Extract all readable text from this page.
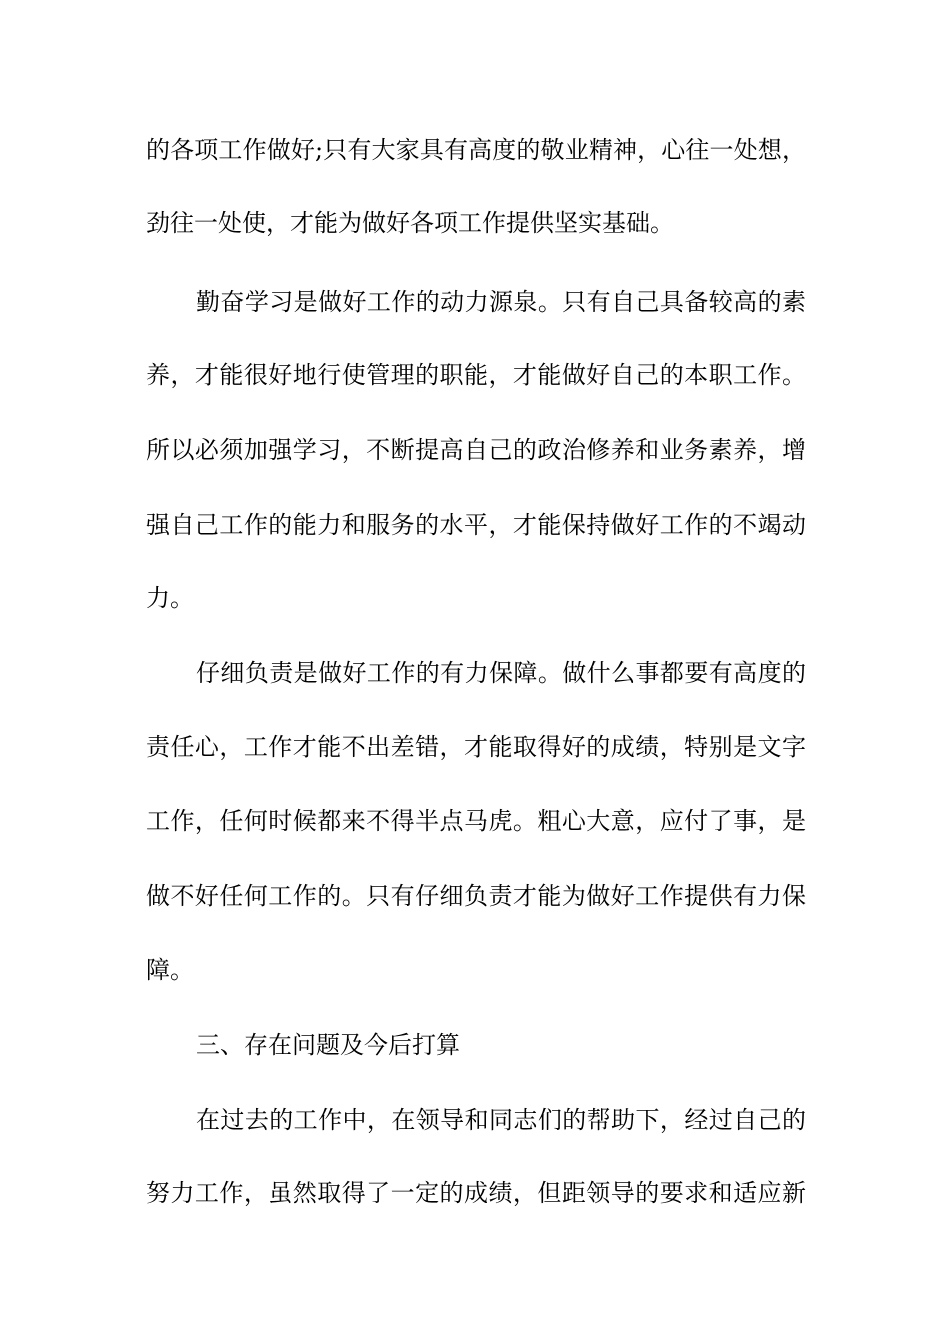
的各项工作做好;只有大家具有高度的敬业精神，心往一处想，
劲往一处使，才能为做好各项工作提供坚实基础。
勤奋学习是做好工作的动力源泉。只有自己具备较高的素
养，才能很好地行使管理的职能，才能做好自己的本职工作。
所以必须加强学习，不断提高自己的政治修养和业务素养，增
强自己工作的能力和服务的水平，才能保持做好工作的不竭动
力。
仔细负责是做好工作的有力保障。做什么事都要有高度的
责任心，工作才能不出差错，才能取得好的成绩，特别是文字
工作，任何时候都来不得半点马虎。粗心大意，应付了事，是
做不好任何工作的。只有仔细负责才能为做好工作提供有力保
障。
三、存在问题及今后打算
在过去的工作中，在领导和同志们的帮助下，经过自己的
努力工作，虽然取得了一定的成绩，但距领导的要求和适应新
